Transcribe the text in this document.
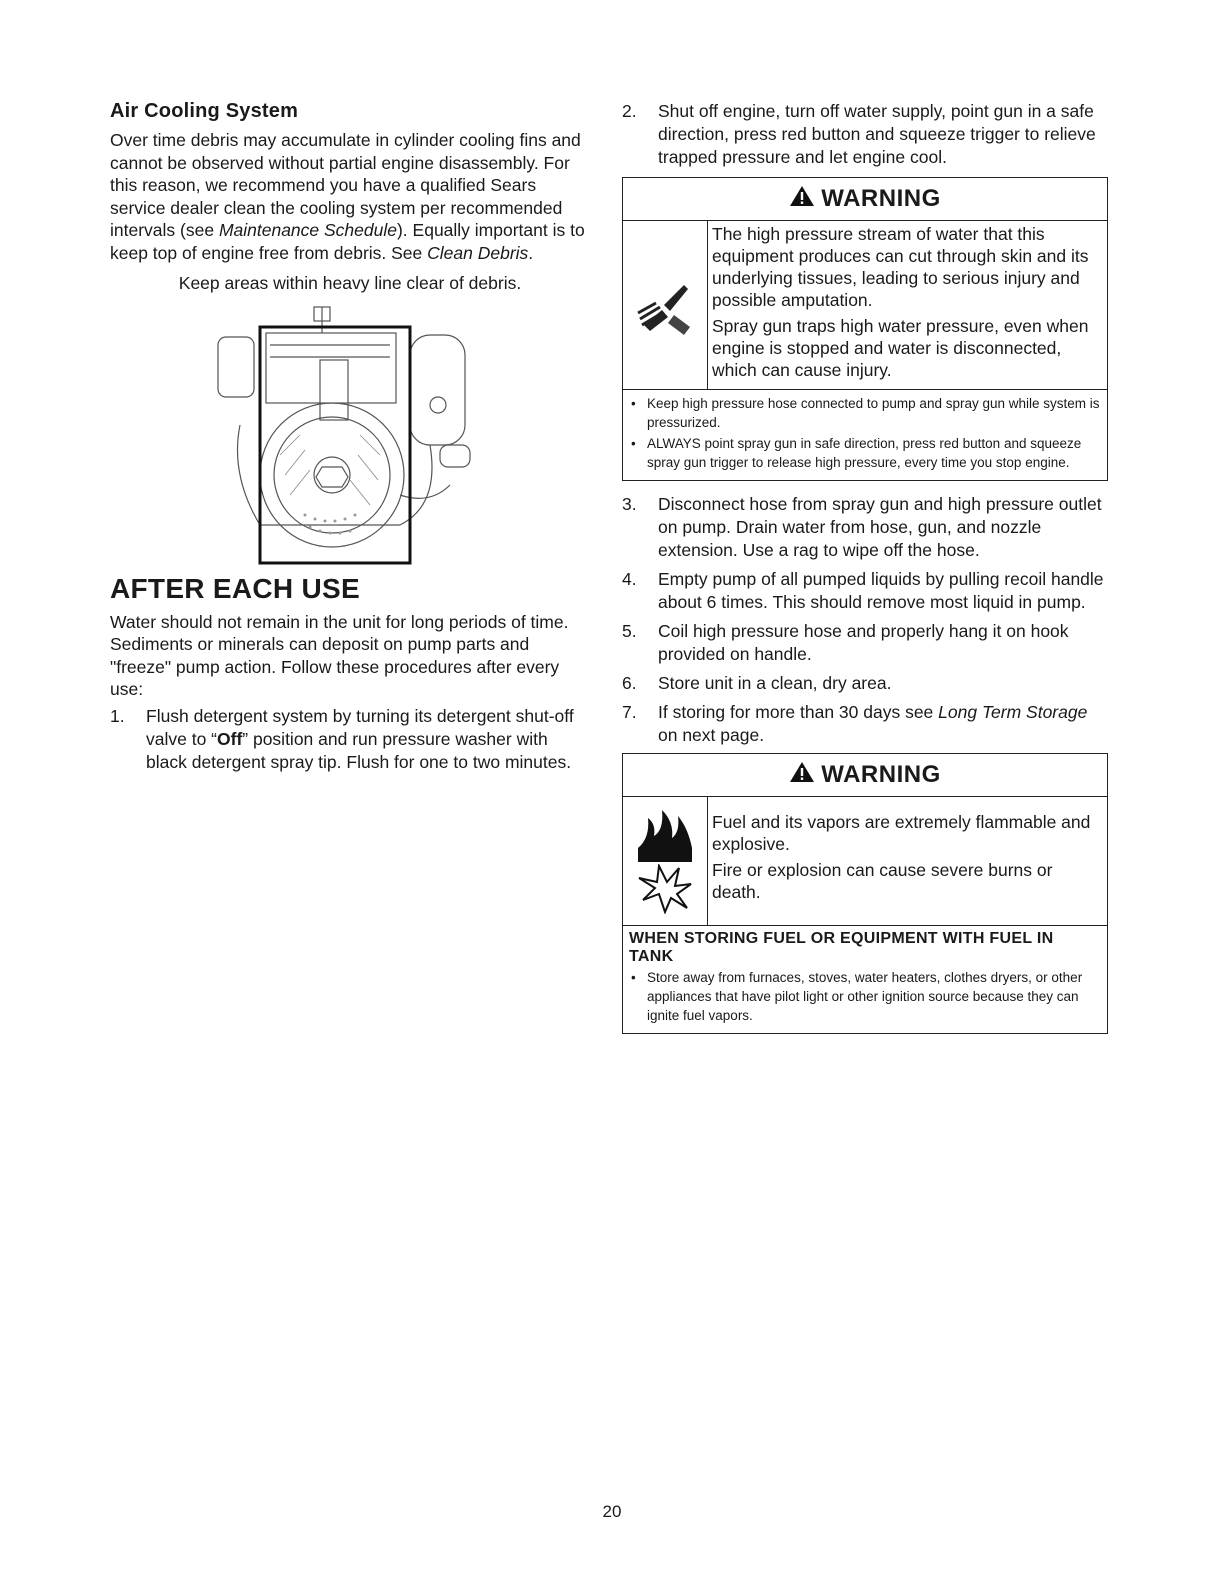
Air Cooling System

Over time debris may accumulate in cylinder cooling fins and cannot be observed without partial engine disassembly. For this reason, we recommend you have a qualified Sears service dealer clean the cooling system per recommended intervals (see Maintenance Schedule). Equally important is to keep top of engine free from debris. See Clean Debris.

Keep areas within heavy line clear of debris.

AFTER EACH USE

Water should not remain in the unit for long periods of time. Sediments or minerals can deposit on pump parts and "freeze" pump action. Follow these procedures after every use:

1. Flush detergent system by turning its detergent shut-off valve to “Off” position and run pressure washer with black detergent spray tip. Flush for one to two minutes.
2. Shut off engine, turn off water supply, point gun in a safe direction, press red button and squeeze trigger to relieve trapped pressure and let engine cool.
WARNING

The high pressure stream of water that this equipment produces can cut through skin and its underlying tissues, leading to serious injury and possible amputation.

Spray gun traps high water pressure, even when engine is stopped and water is disconnected, which can cause injury.

• Keep high pressure hose connected to pump and spray gun while system is pressurized.
• ALWAYS point spray gun in safe direction, press red button and squeeze spray gun trigger to release high pressure, every time you stop engine.
3. Disconnect hose from spray gun and high pressure outlet on pump. Drain water from hose, gun, and nozzle extension. Use a rag to wipe off the hose.
4. Empty pump of all pumped liquids by pulling recoil handle about 6 times. This should remove most liquid in pump.
5. Coil high pressure hose and properly hang it on hook provided on handle.
6. Store unit in a clean, dry area.
7. If storing for more than 30 days see Long Term Storage on next page.
WARNING

Fuel and its vapors are extremely flammable and explosive.

Fire or explosion can cause severe burns or death.

WHEN STORING FUEL OR EQUIPMENT WITH FUEL IN TANK
• Store away from furnaces, stoves, water heaters, clothes dryers, or other appliances that have pilot light or other ignition source because they can ignite fuel vapors.
20
